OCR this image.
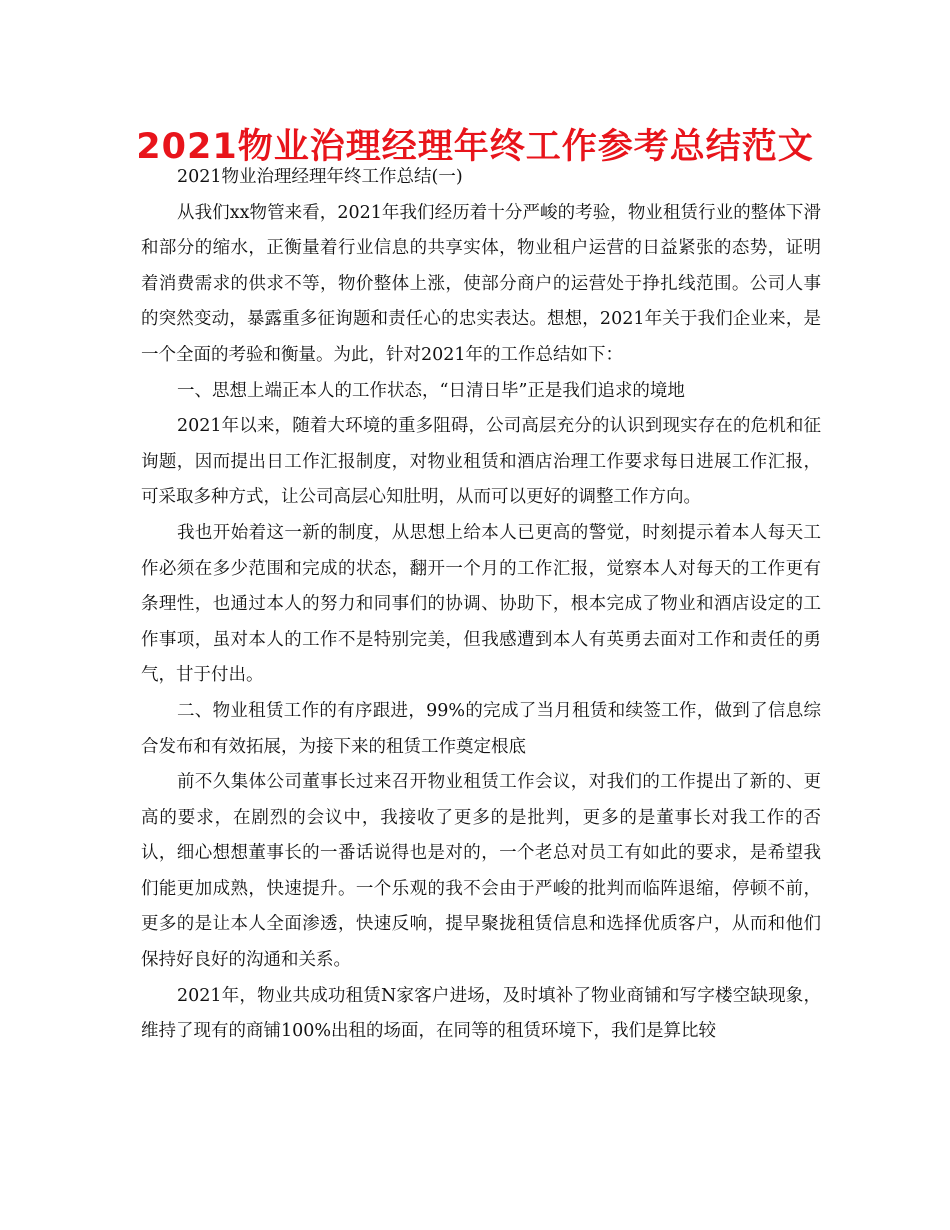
2021物业治理经理年终工作参考总结范文

2021物业治理经理年终工作总结(一)

从我们xx物管来看，2021年我们经历着十分严峻的考验，物业租赁行业的整体下滑和部分的缩水，正衡量着行业信息的共享实体，物业租户运营的日益紧张的态势，证明着消费需求的供求不等，物价整体上涨，使部分商户的运营处于挣扎线范围。公司人事的突然变动，暴露重多征询题和责任心的忠实表达。想想，2021年关于我们企业来，是一个全面的考验和衡量。为此，针对2021年的工作总结如下：

一、思想上端正本人的工作状态，“日清日毕”正是我们追求的境地

2021年以来，随着大环境的重多阻碍，公司高层充分的认识到现实存在的危机和征询题，因而提出日工作汇报制度，对物业租赁和酒店治理工作要求每日进展工作汇报，可采取多种方式，让公司高层心知肚明，从而可以更好的调整工作方向。

我也开始着这一新的制度，从思想上给本人已更高的警觉，时刻提示着本人每天工作必须在多少范围和完成的状态，翻开一个月的工作汇报，觉察本人对每天的工作更有条理性，也通过本人的努力和同事们的协调、协助下，根本完成了物业和酒店设定的工作事项，虽对本人的工作不是特别完美，但我感遭到本人有英勇去面对工作和责任的勇气，甘于付出。

二、物业租赁工作的有序跟进，99%的完成了当月租赁和续签工作，做到了信息综合发布和有效拓展，为接下来的租赁工作奠定根底

前不久集体公司董事长过来召开物业租赁工作会议，对我们的工作提出了新的、更高的要求，在剧烈的会议中，我接收了更多的是批判，更多的是董事长对我工作的否认，细心想想董事长的一番话说得也是对的，一个老总对员工有如此的要求，是希望我们能更加成熟，快速提升。一个乐观的我不会由于严峻的批判而临阵退缩，停顿不前，更多的是让本人全面渗透，快速反响，提早聚拢租赁信息和选择优质客户，从而和他们保持好良好的沟通和关系。

2021年，物业共成功租赁N家客户进场，及时填补了物业商铺和写字楼空缺现象，维持了现有的商铺100%出租的场面，在同等的租赁环境下，我们是算比较
